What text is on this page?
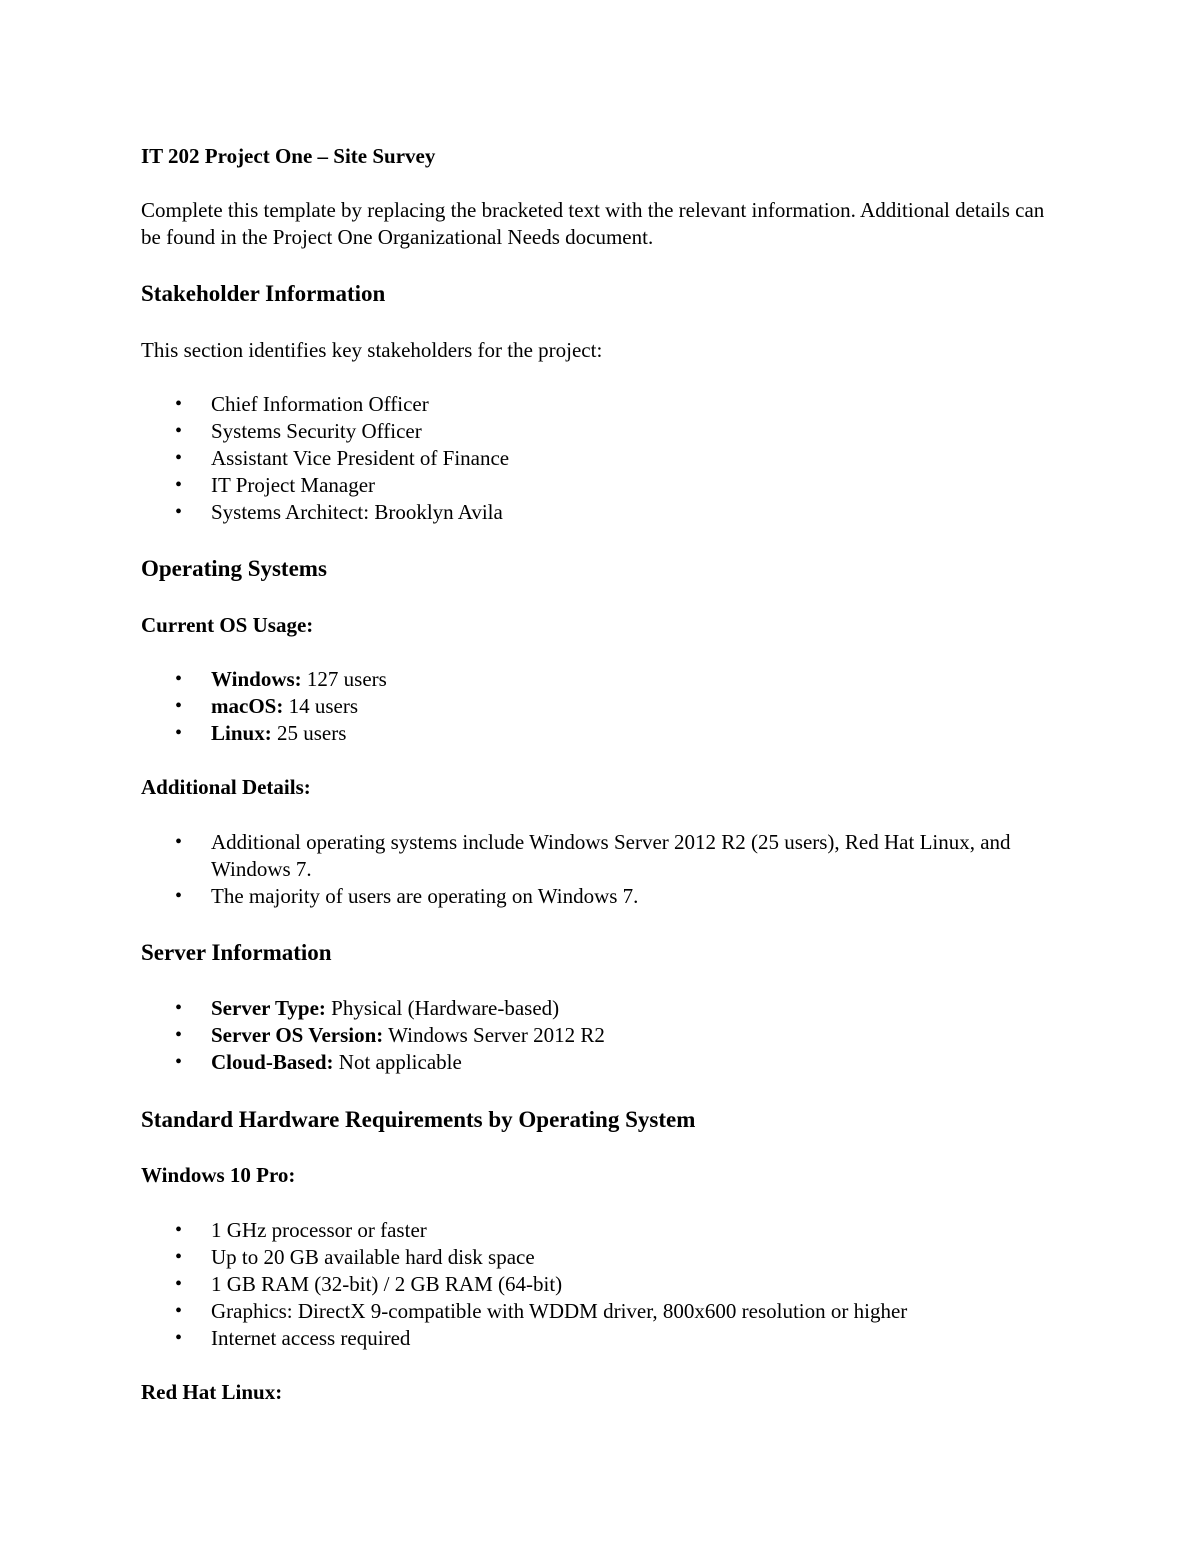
IT 202 Project One – Site Survey

Complete this template by replacing the bracketed text with the relevant information. Additional details can be found in the Project One Organizational Needs document.

Stakeholder Information

This section identifies key stakeholders for the project:

• Chief Information Officer

• Systems Security Officer

• Assistant Vice President of Finance

• IT Project Manager

• Systems Architect: Brooklyn Avila

Operating Systems

Current OS Usage:

• Windows: 127 users

• macOS: 14 users

• Linux: 25 users

Additional Details:

• Additional operating systems include Windows Server 2012 R2 (25 users), Red Hat Linux, and Windows 7.

• The majority of users are operating on Windows 7.

Server Information

• Server Type: Physical (Hardware-based)

• Server OS Version: Windows Server 2012 R2

• Cloud-Based: Not applicable

Standard Hardware Requirements by Operating System

Windows 10 Pro:

• 1 GHz processor or faster

• Up to 20 GB available hard disk space

• 1 GB RAM (32-bit) / 2 GB RAM (64-bit)

• Graphics: DirectX 9-compatible with WDDM driver, 800x600 resolution or higher

• Internet access required

Red Hat Linux:
